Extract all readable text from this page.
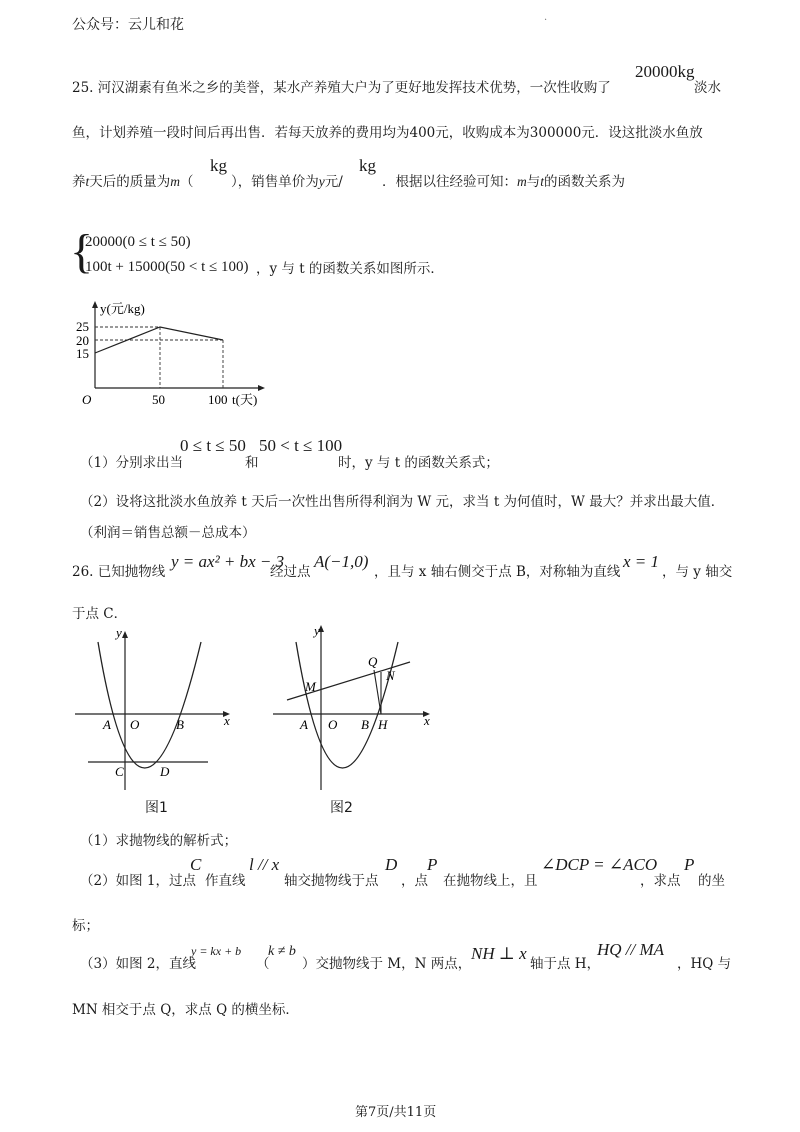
公众号：云儿和花	.
25. 河汉湖素有鱼米之乡的美誉，某水产养殖大户为了更好地发挥技术优势，一次性收购了
20000kg
淡水
鱼，计划养殖一段时间后再出售．若每天放养的费用均为400元，收购成本为300000元．设这批淡水鱼放
养t天后的质量为m（
kg
），销售单价为y元/
kg
．根据以往经验可知：m与t的函数关系为
{
20000(0 ≤ t ≤ 50)
100t + 15000(50 < t ≤ 100) ，y 与 t 的函数关系如图所示．
y(元/kg)
25
20
15
O	50	100 t(天)
（1）分别求出当
0 ≤ t ≤ 50
和
50 < t ≤ 100
时，y 与 t 的函数关系式；
（2）设将这批淡水鱼放养 t 天后一次性出售所得利润为 W 元，求当 t 为何值时，W 最大？并求出最大值．
（利润＝销售总额－总成本）
26. 已知抛物线
y = ax² + bx − 3
经过点
A(−1,0)
，且与 x 轴右侧交于点 B，对称轴为直线
x = 1
，与 y 轴交
于点 C．
y
x
A O	B
C	D
图1
y
x
A O B H
M
Q
N
图2
（1）求抛物线的解析式；
（2）如图 1，过点
C
作直线
l // x
轴交抛物线于点
D
，点
P
在抛物线上，且
∠DCP = ∠ACO
，求点
P
的坐
标；
（3）如图 2，直线
y = kx + b
（
k ≠ b
）交抛物线于 M，N 两点，
NH ⊥ x
轴于点 H，
HQ // MA
，HQ 与
MN 相交于点 Q，求点 Q 的横坐标．
第7页/共11页
